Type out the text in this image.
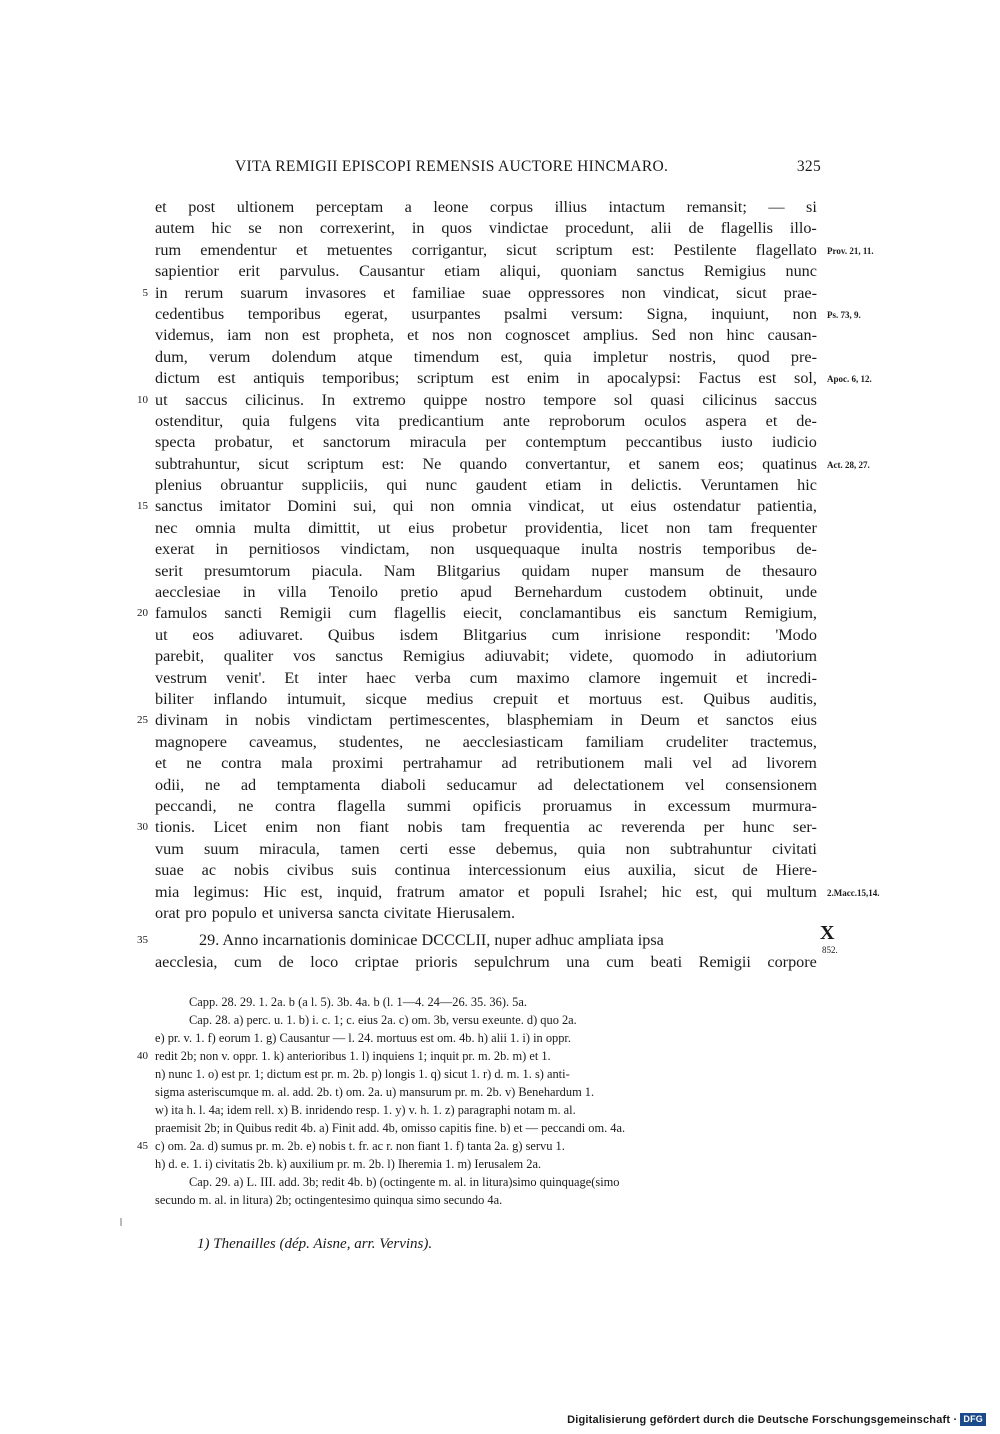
VITA REMIGII EPISCOPI REMENSIS AUCTORE HINCMARO.	325
et post ultionem perceptam a leone corpus illius intactum remansit; — si
autem hic se non correxerint, in quos vindictae procedunt, alii de flagellis illo-
rum emendentur et metuentes corrigantur, sicut scriptum est: Pestilente flagellato Prov. 21, 11.
sapientior erit parvulus. Causantur etiam aliqui, quoniam sanctus Remigius nunc
5 in rerum suarum invasores et familiae suae oppressores non vindicat, sicut prae-
cedentibus temporibus egerat, usurpantes psalmi versum: Signa, inquiunt, non Ps. 73, 9.
videmus, iam non est propheta, et nos non cognoscet amplius. Sed non hinc causan-
dum, verum dolendum atque timendum est, quia impletur nostris, quod pre-
dictum est antiquis temporibus; scriptum est enim in apocalypsi: Factus est sol, Apoc. 6, 12.
10 ut saccus cilicinus. In extremo quippe nostro tempore sol quasi cilicinus saccus
ostenditur, quia fulgens vita predicantium ante reproborum oculos aspera et de-
specta probatur, et sanctorum miracula per contemptum peccantibus iusto iudicio
subtrahuntur, sicut scriptum est: Ne quando convertantur, et sanem eos; quatinus Act. 28, 27.
plenius obruantur suppliciis, qui nunc gaudent etiam in delictis. Veruntamen hic
15 sanctus imitator Domini sui, qui non omnia vindicat, ut eius ostendatur patientia,
nec omnia multa dimittit, ut eius probetur providentia, licet non tam frequenter
exerat in pernitiosos vindictam, non usquequaque inulta nostris temporibus de-
serit presumtorum piacula. Nam Blitgarius quidam nuper mansum de thesauro
aecclesiae in villa Tenoilo pretio apud Bernehardum custodem obtinuit, unde
20 famulos sancti Remigii cum flagellis eiecit, conclamantibus eis sanctum Remigium,
ut eos adiuvaret. Quibus isdem Blitgarius cum inrisione respondit: 'Modo
parebit, qualiter vos sanctus Remigius adiuvabit; videte, quomodo in adiutorium
vestrum venit'. Et inter haec verba cum maximo clamore ingemuit et incredi-
biliter inflando intumuit, sicque medius crepuit et mortuus est. Quibus auditis,
25 divinam in nobis vindictam pertimescentes, blasphemiam in Deum et sanctos eius
magnopere caveamus, studentes, ne aecclesiasticam familiam crudeliter tractemus,
et ne contra mala proximi pertrahamur ad retributionem mali vel ad livorem
odii, ne ad temptamenta diaboli seducamur ad delectationem vel consensionem
peccandi, ne contra flagella summi opificis proruamus in excessum murmura-
30 tionis. Licet enim non fiant nobis tam frequentia ac reverenda per hunc ser-
vum suum miracula, tamen certi esse debemus, quia non subtrahuntur civitati
suae ac nobis civibus suis continua intercessionum eius auxilia, sicut de Hiere-
mia legimus: Hic est, inquid, fratrum amator et populi Israhel; hic est, qui multum 2.Macc.15,14.
orat pro populo et universa sancta civitate Hierusalem.
35	29. Anno incarnationis dominicae DCCCLII, nuper adhuc ampliata ipsa
aecclesia, cum de loco criptae prioris sepulchrum una cum beati Remigii corpore
X
852.
Capp. 28. 29. 1. 2a. b (a l. 5). 3b. 4a. b (l. 1—4. 24—26. 35. 36). 5a.
Cap. 28. a) perc. u. 1. b) i. c. 1; c. eius 2a. c) om. 3b, versu exeunte. d) quo 2a.
e) pr. v. 1. f) eorum 1. g) Causantur — l. 24. mortuus est om. 4b. h) alii 1. i) in oppr.
40 redit 2b; non v. oppr. 1. k) anterioribus 1. l) inquiens 1; inquit pr. m. 2b. m) et 1.
n) nunc 1. o) est pr. 1; dictum est pr. m. 2b. p) longis 1. q) sicut 1. r) d. m. 1. s) anti-
sigma asteriscumque m. al. add. 2b. t) om. 2a. u) mansurum pr. m. 2b. v) Benehardum 1.
w) ita h. l. 4a; idem rell. x) B. inridendo resp. 1. y) v. h. 1. z) paragraphi notam m. al.
praemisit 2b; in Quibus redit 4b. a) Finit add. 4b, omisso capitis fine. b) et — peccandi om. 4a.
45 c) om. 2a. d) sumus pr. m. 2b. e) nobis t. fr. ac r. non fiant 1. f) tanta 2a. g) servu 1.
h) d. e. 1. i) civitatis 2b. k) auxilium pr. m. 2b. l) Iheremia 1. m) Ierusalem 2a.
Cap. 29. a) L. III. add. 3b; redit 4b. b) (octingente m. al. in litura)simo quinquage(simo
secundo m. al. in litura) 2b; octingentesimo quinqua simo secundo 4a.
1) Thenailles (dép. Aisne, arr. Vervins).
Digitalisierung gefördert durch die Deutsche Forschungsgemeinschaft · DFG
